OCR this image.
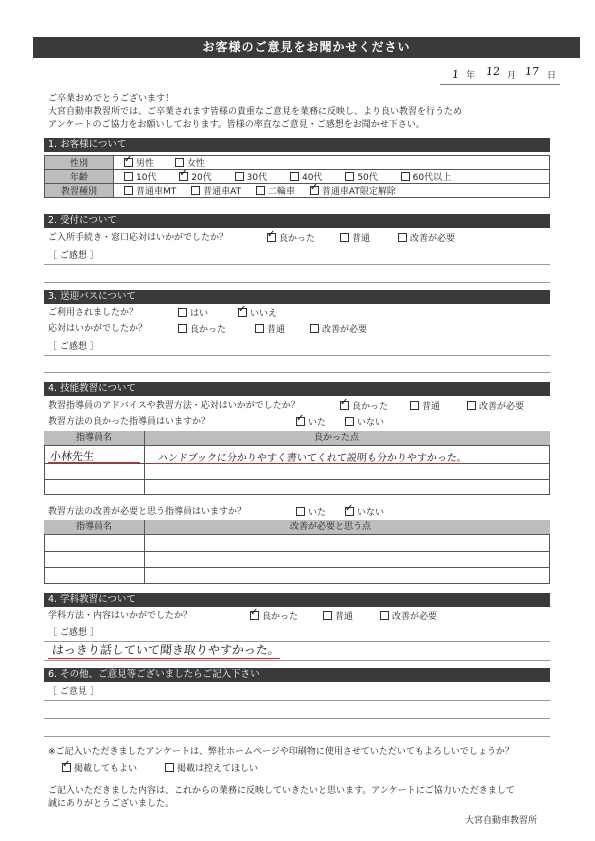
お客様のご意見をお聞かせください
1 年 12 月 17 日
ご卒業おめでとうございます！
大宮自動車教習所では、ご卒業されます皆様の貴重なご意見を業務に反映し、より良い教習を行うため
アンケートのご協力をお願いしております。皆様の率直なご意見・ご感想をお聞かせ下さい。
1. お客様について
性別	✓男性 女性
年齢	10代 ✓ 20代 30代 40代 50代 60代以上
教習種別	普通車MT 普通車AT 二輪車 ✓ 普通車AT限定解除
2. 受付について
ご入所手続き・窓口応対はいかがでしたか？ ✓	良かった	普通	改善が必要
［ ご感想 ］
3. 送迎バスについて
ご利用されましたか？	はい ✓	いいえ
応対はいかがでしたか？	良かった	普通	改善が必要
［ ご感想 ］
4. 技能教習について
教習指導員のアドバイスや教習方法・応対はいかがでしたか？ ✓	良かった	普通	改善が必要
教習方法の良かった指導員はいますか？ ✓	いた	いない
指導員名	良かった点
小林先生	ハンドブックに分かりやすく書いてくれて説明も分かりやすかった。
教習方法の改善が必要と思う指導員はいますか？	いた ✓	いない
指導員名	改善が必要と思う点
4. 学科教習について
学科方法・内容はいかがでしたか？ ✓	良かった	普通	改善が必要
［ ご感想 ］
はっきり話していて聞き取りやすかった。
6. その他、ご意見等ございましたらご記入下さい
［ ご意見 ］
※ご記入いただきましたアンケートは、弊社ホームページや印刷物に使用させていただいてもよろしいでしょうか？
✓掲載してもよい	掲載は控えてほしい
ご記入いただきました内容は、これからの業務に反映していきたいと思います。アンケートにご協力いただきまして
誠にありがとうございました。
大宮自動車教習所
